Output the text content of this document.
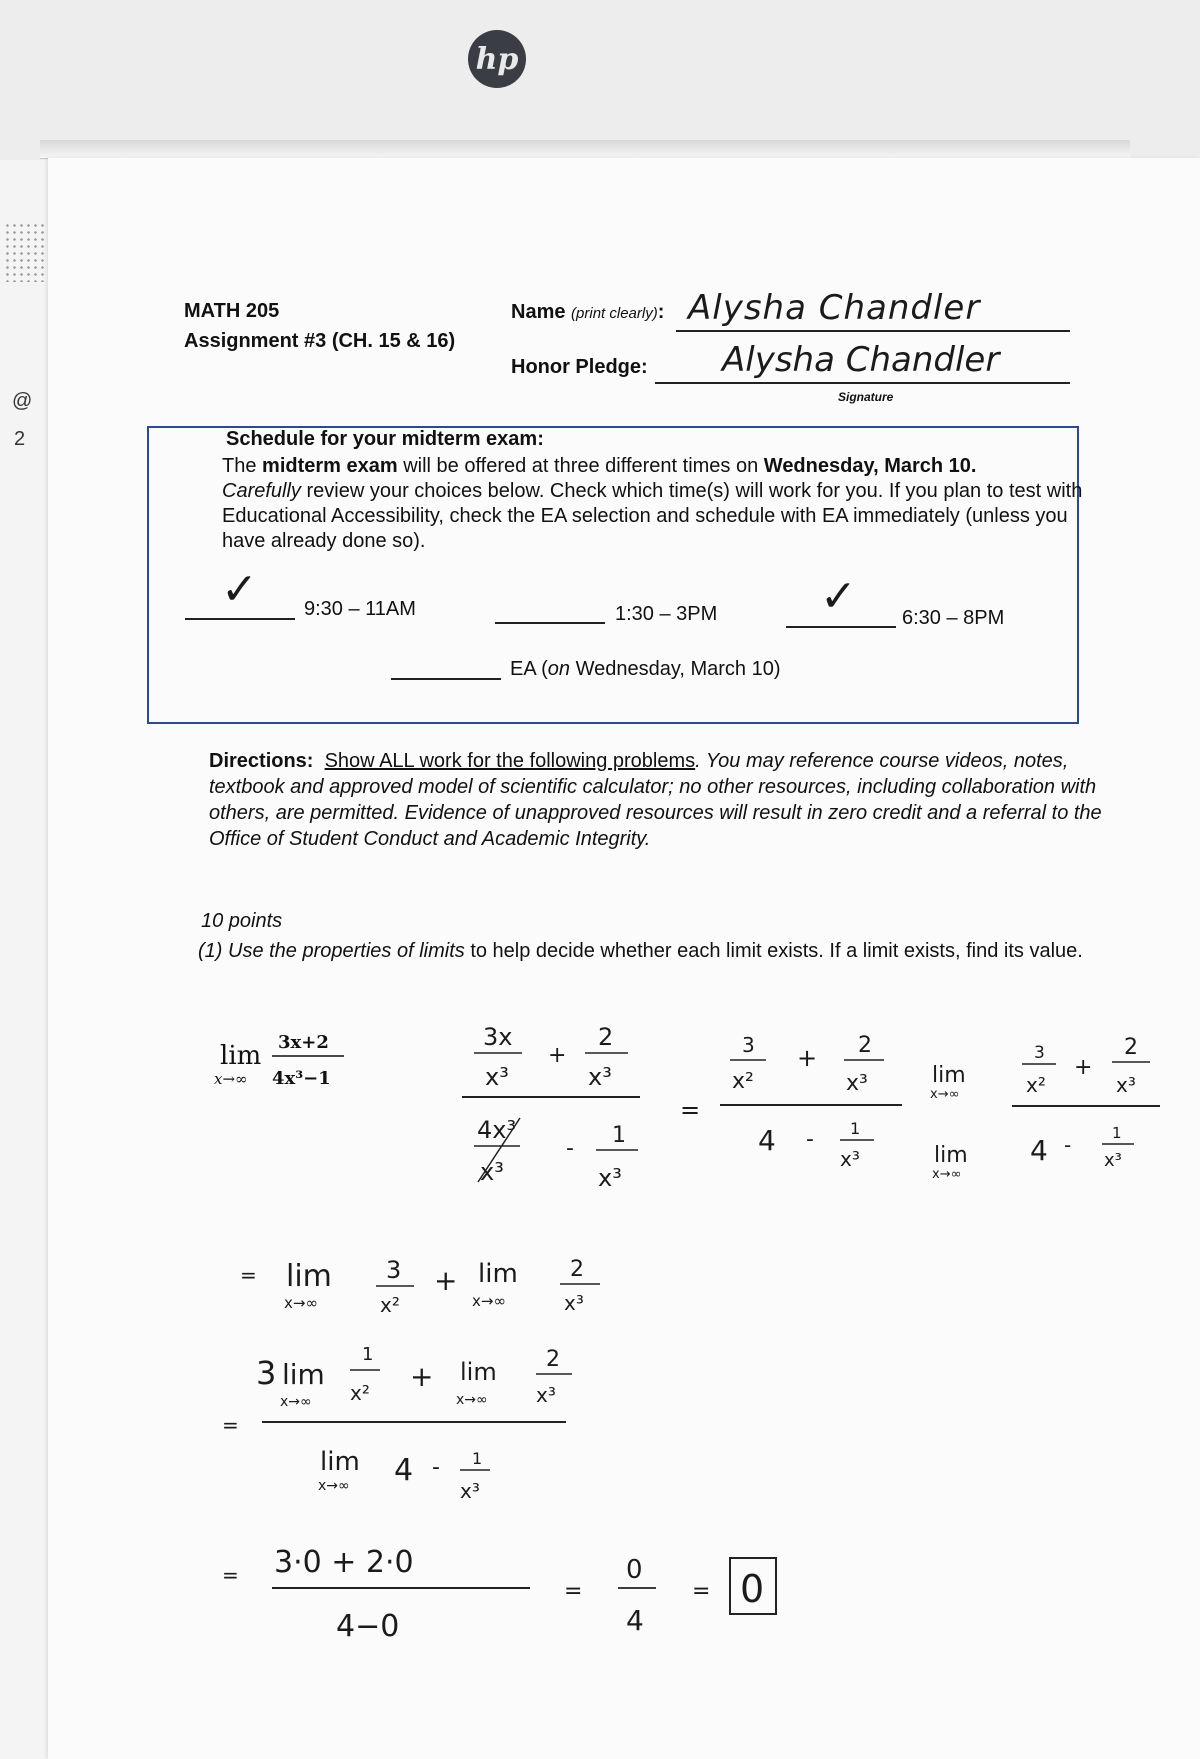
hp
@
2
MATH 205
Assignment #3 (CH. 15 & 16)
Name (print clearly): Alysha Chandler
Honor Pledge: Alysha Chandler
Signature
Schedule for your midterm exam:
The midterm exam will be offered at three different times on Wednesday, March 10.
Carefully review your choices below. Check which time(s) will work for you. If you plan to test with Educational Accessibility, check the EA selection and schedule with EA immediately (unless you have already done so).
✓ 9:30 – 11AM	1:30 – 3PM ✓ 6:30 – 8PM
EA (on Wednesday, March 10)
Directions: Show ALL work for the following problems. You may reference course videos, notes, textbook and approved model of scientific calculator; no other resources, including collaboration with others, are permitted. Evidence of unapproved resources will result in zero credit and a referral to the Office of Student Conduct and Academic Integrity.
10 points
(1) Use the properties of limits to help decide whether each limit exists. If a limit exists, find its value.
lim
x→∞
3x+2
4x³−1
3x
x³
+
2
x³
4x³
x³
-
1
x³
=
3
x²
+ 2
x³
4 - 1
x³
lim
x→∞
3
x²
+
2
x³
lim
x→∞
4 -	1
x³
= lim
x→∞
3
x²
+ lim
x→∞
2
x³
=
3 lim
x→∞
1
x² + lim
x→∞
2
x³
lim
x→∞ 4 - 1
x³
= 3·0 + 2·0
4−0
=
0
4
= 0
